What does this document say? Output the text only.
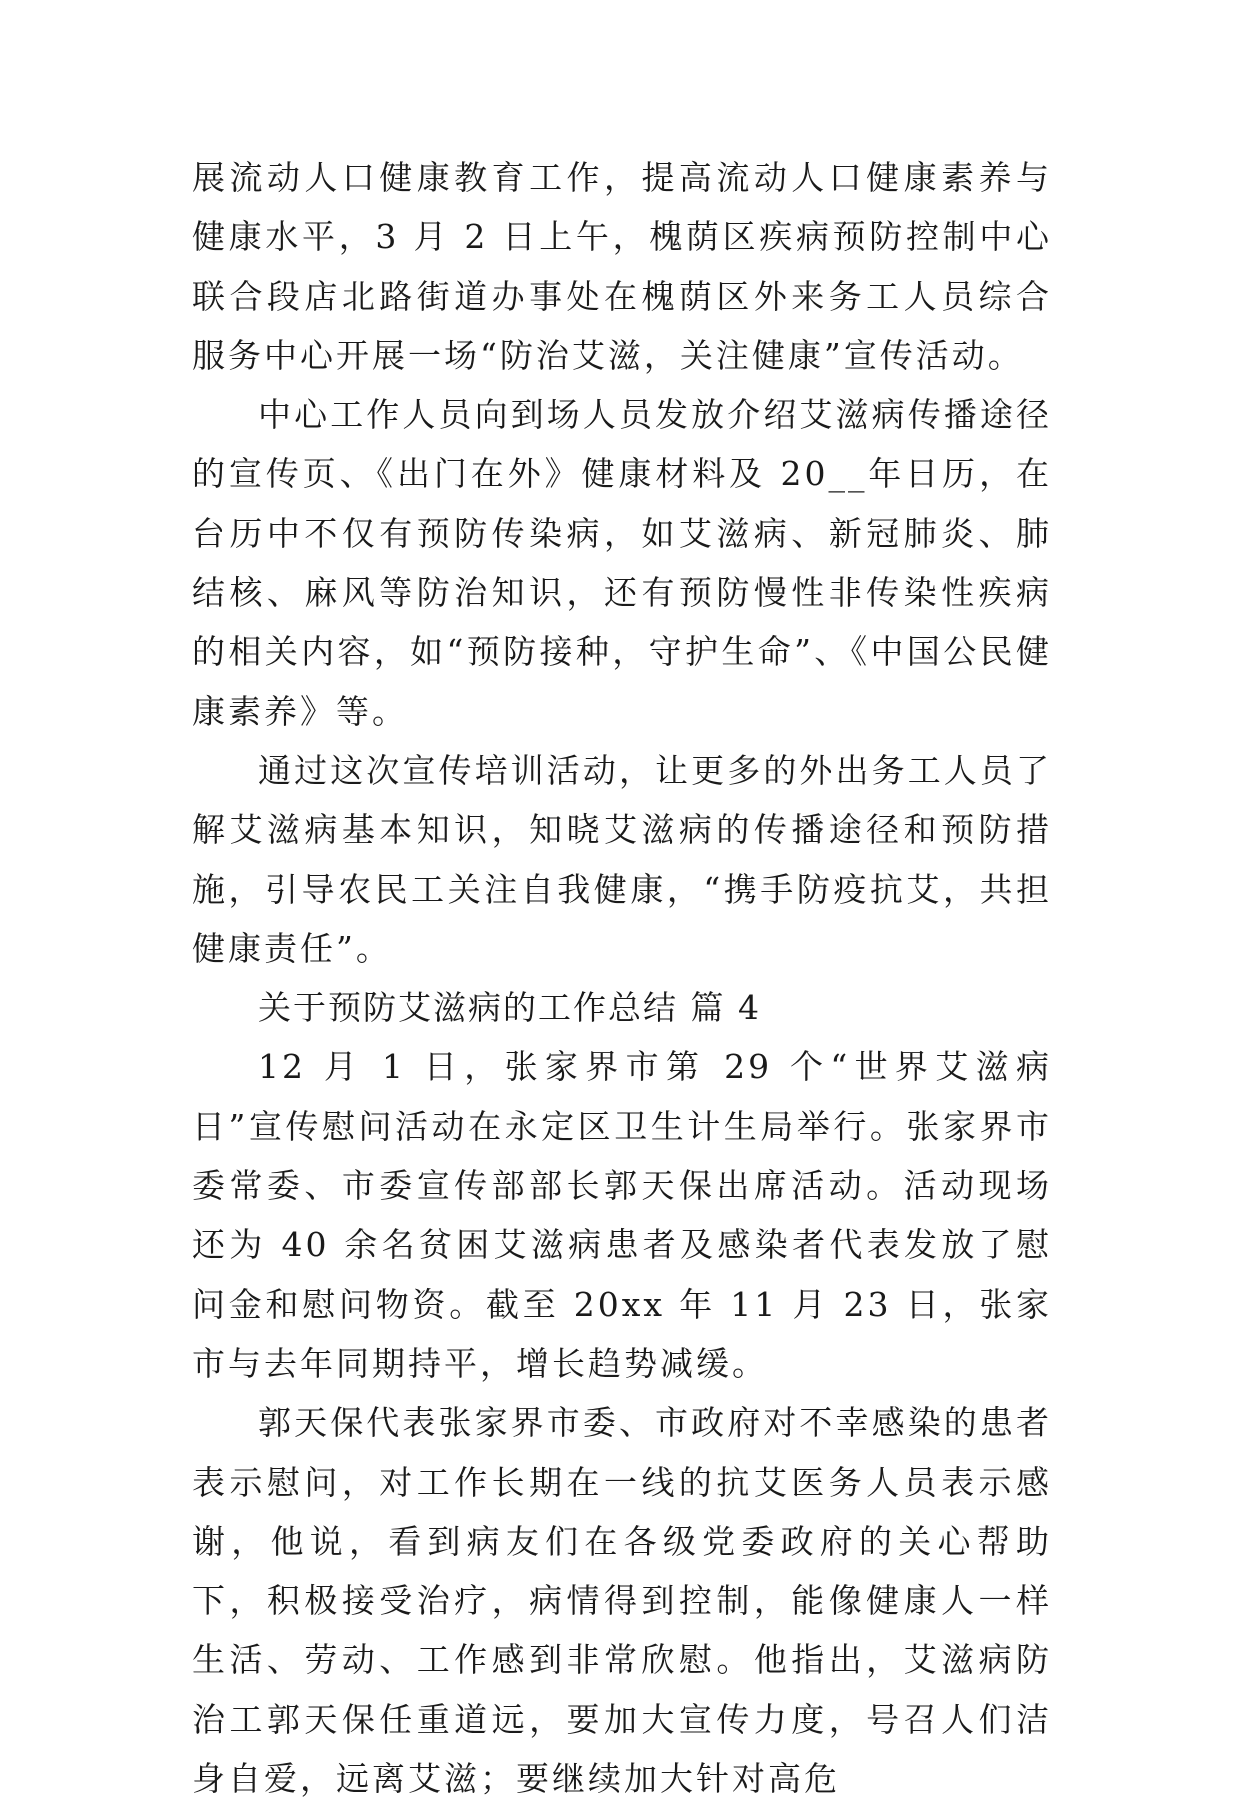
展流动人口健康教育工作，提高流动人口健康素养与健康水平，3 月 2 日上午，槐荫区疾病预防控制中心联合段店北路街道办事处在槐荫区外来务工人员综合服务中心开展一场“防治艾滋，关注健康”宣传活动。

中心工作人员向到场人员发放介绍艾滋病传播途径的宣传页、《出门在外》健康材料及 20__年日历，在台历中不仅有预防传染病，如艾滋病、新冠肺炎、肺结核、麻风等防治知识，还有预防慢性非传染性疾病的相关内容，如“预防接种，守护生命”、《中国公民健康素养》等。

通过这次宣传培训活动，让更多的外出务工人员了解艾滋病基本知识，知晓艾滋病的传播途径和预防措施，引导农民工关注自我健康，“携手防疫抗艾，共担健康责任”。

关于预防艾滋病的工作总结 篇 4

12 月 1 日，张家界市第 29 个“世界艾滋病日”宣传慰问活动在永定区卫生计生局举行。张家界市委常委、市委宣传部部长郭天保出席活动。活动现场还为 40 余名贫困艾滋病患者及感染者代表发放了慰问金和慰问物资。截至 20xx 年 11 月 23 日，张家市与去年同期持平，增长趋势减缓。

郭天保代表张家界市委、市政府对不幸感染的患者表示慰问，对工作长期在一线的抗艾医务人员表示感谢，他说，看到病友们在各级党委政府的关心帮助下，积极接受治疗，病情得到控制，能像健康人一样生活、劳动、工作感到非常欣慰。他指出，艾滋病防治工郭天保任重道远，要加大宣传力度，号召人们洁身自爱，远离艾滋；要继续加大针对高危
